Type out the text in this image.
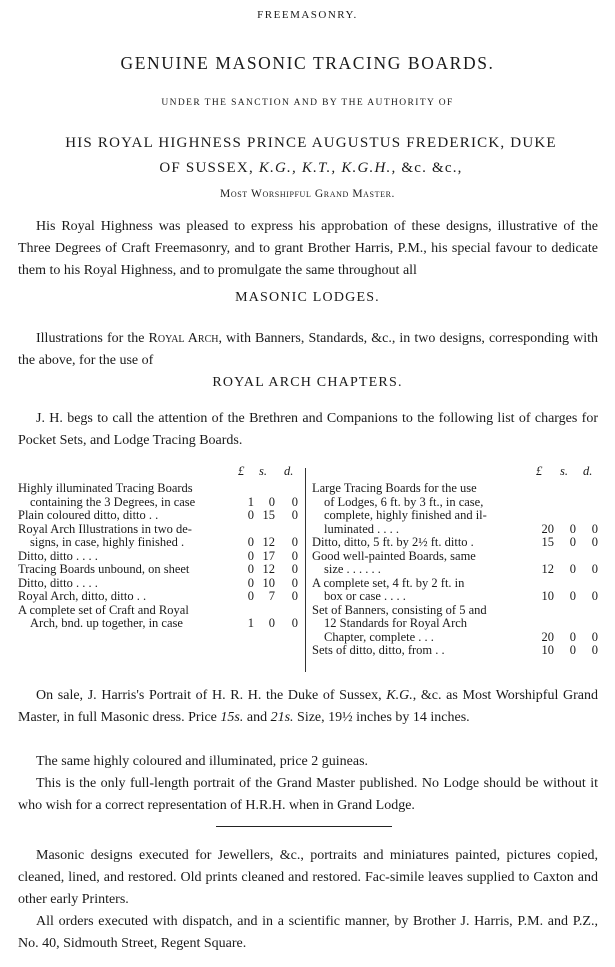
FREEMASONRY.
GENUINE MASONIC TRACING BOARDS.
UNDER THE SANCTION AND BY THE AUTHORITY OF
HIS ROYAL HIGHNESS PRINCE AUGUSTUS FREDERICK, DUKE
OF SUSSEX, K.G., K.T., K.G.H., &c. &c.,
Most Worshipful Grand Master.
His Royal Highness was pleased to express his approbation of these designs, illustrative of the Three Degrees of Craft Freemasonry, and to grant Brother Harris, P.M., his special favour to dedicate them to his Royal Highness, and to promulgate the same throughout all
MASONIC LODGES.
Illustrations for the Royal Arch, with Banners, Standards, &c., in two designs, corresponding with the above, for the use of
ROYAL ARCH CHAPTERS.
J. H. begs to call the attention of the Brethren and Companions to the following list of charges for Pocket Sets, and Lodge Tracing Boards.
£ s. d.
Highly illuminated Tracing Boards
containing the 3 Degrees, in case	1	0	0
Plain coloured ditto, ditto . .	0 15	0
Royal Arch Illustrations in two de-
signs, in case, highly finished .	0 12	0
Ditto, ditto . . . .	0 17	0
Tracing Boards unbound, on sheet	0 12	0
Ditto, ditto . . . .	0 10	0
Royal Arch, ditto, ditto . .	0	7	0
A complete set of Craft and Royal
Arch, bnd. up together, in case	1	0	0
£ s. d.
Large Tracing Boards for the use
of Lodges, 6 ft. by 3 ft., in case,
complete, highly finished and il-
luminated . . . .	20	0	0
Ditto, ditto, 5 ft. by 2½ ft. ditto .	15	0	0
Good well-painted Boards, same
size . . . . . .	12	0	0
A complete set, 4 ft. by 2 ft. in
box or case . . . .	10	0	0
Set of Banners, consisting of 5 and
12 Standards for Royal Arch
Chapter, complete . . .	20	0	0
Sets of ditto, ditto, from . .	10	0	0
On sale, J. Harris's Portrait of H. R. H. the Duke of Sussex, K.G., &c. as Most Worshipful Grand Master, in full Masonic dress. Price 15s. and 21s. Size, 19½ inches by 14 inches.
The same highly coloured and illuminated, price 2 guineas.
This is the only full-length portrait of the Grand Master published. No Lodge should be without it who wish for a correct representation of H.R.H. when in Grand Lodge.
Masonic designs executed for Jewellers, &c., portraits and miniatures painted, pictures copied, cleaned, lined, and restored. Old prints cleaned and restored. Fac-simile leaves supplied to Caxton and other early Printers.
All orders executed with dispatch, and in a scientific manner, by Brother J. Harris, P.M. and P.Z., No. 40, Sidmouth Street, Regent Square.
